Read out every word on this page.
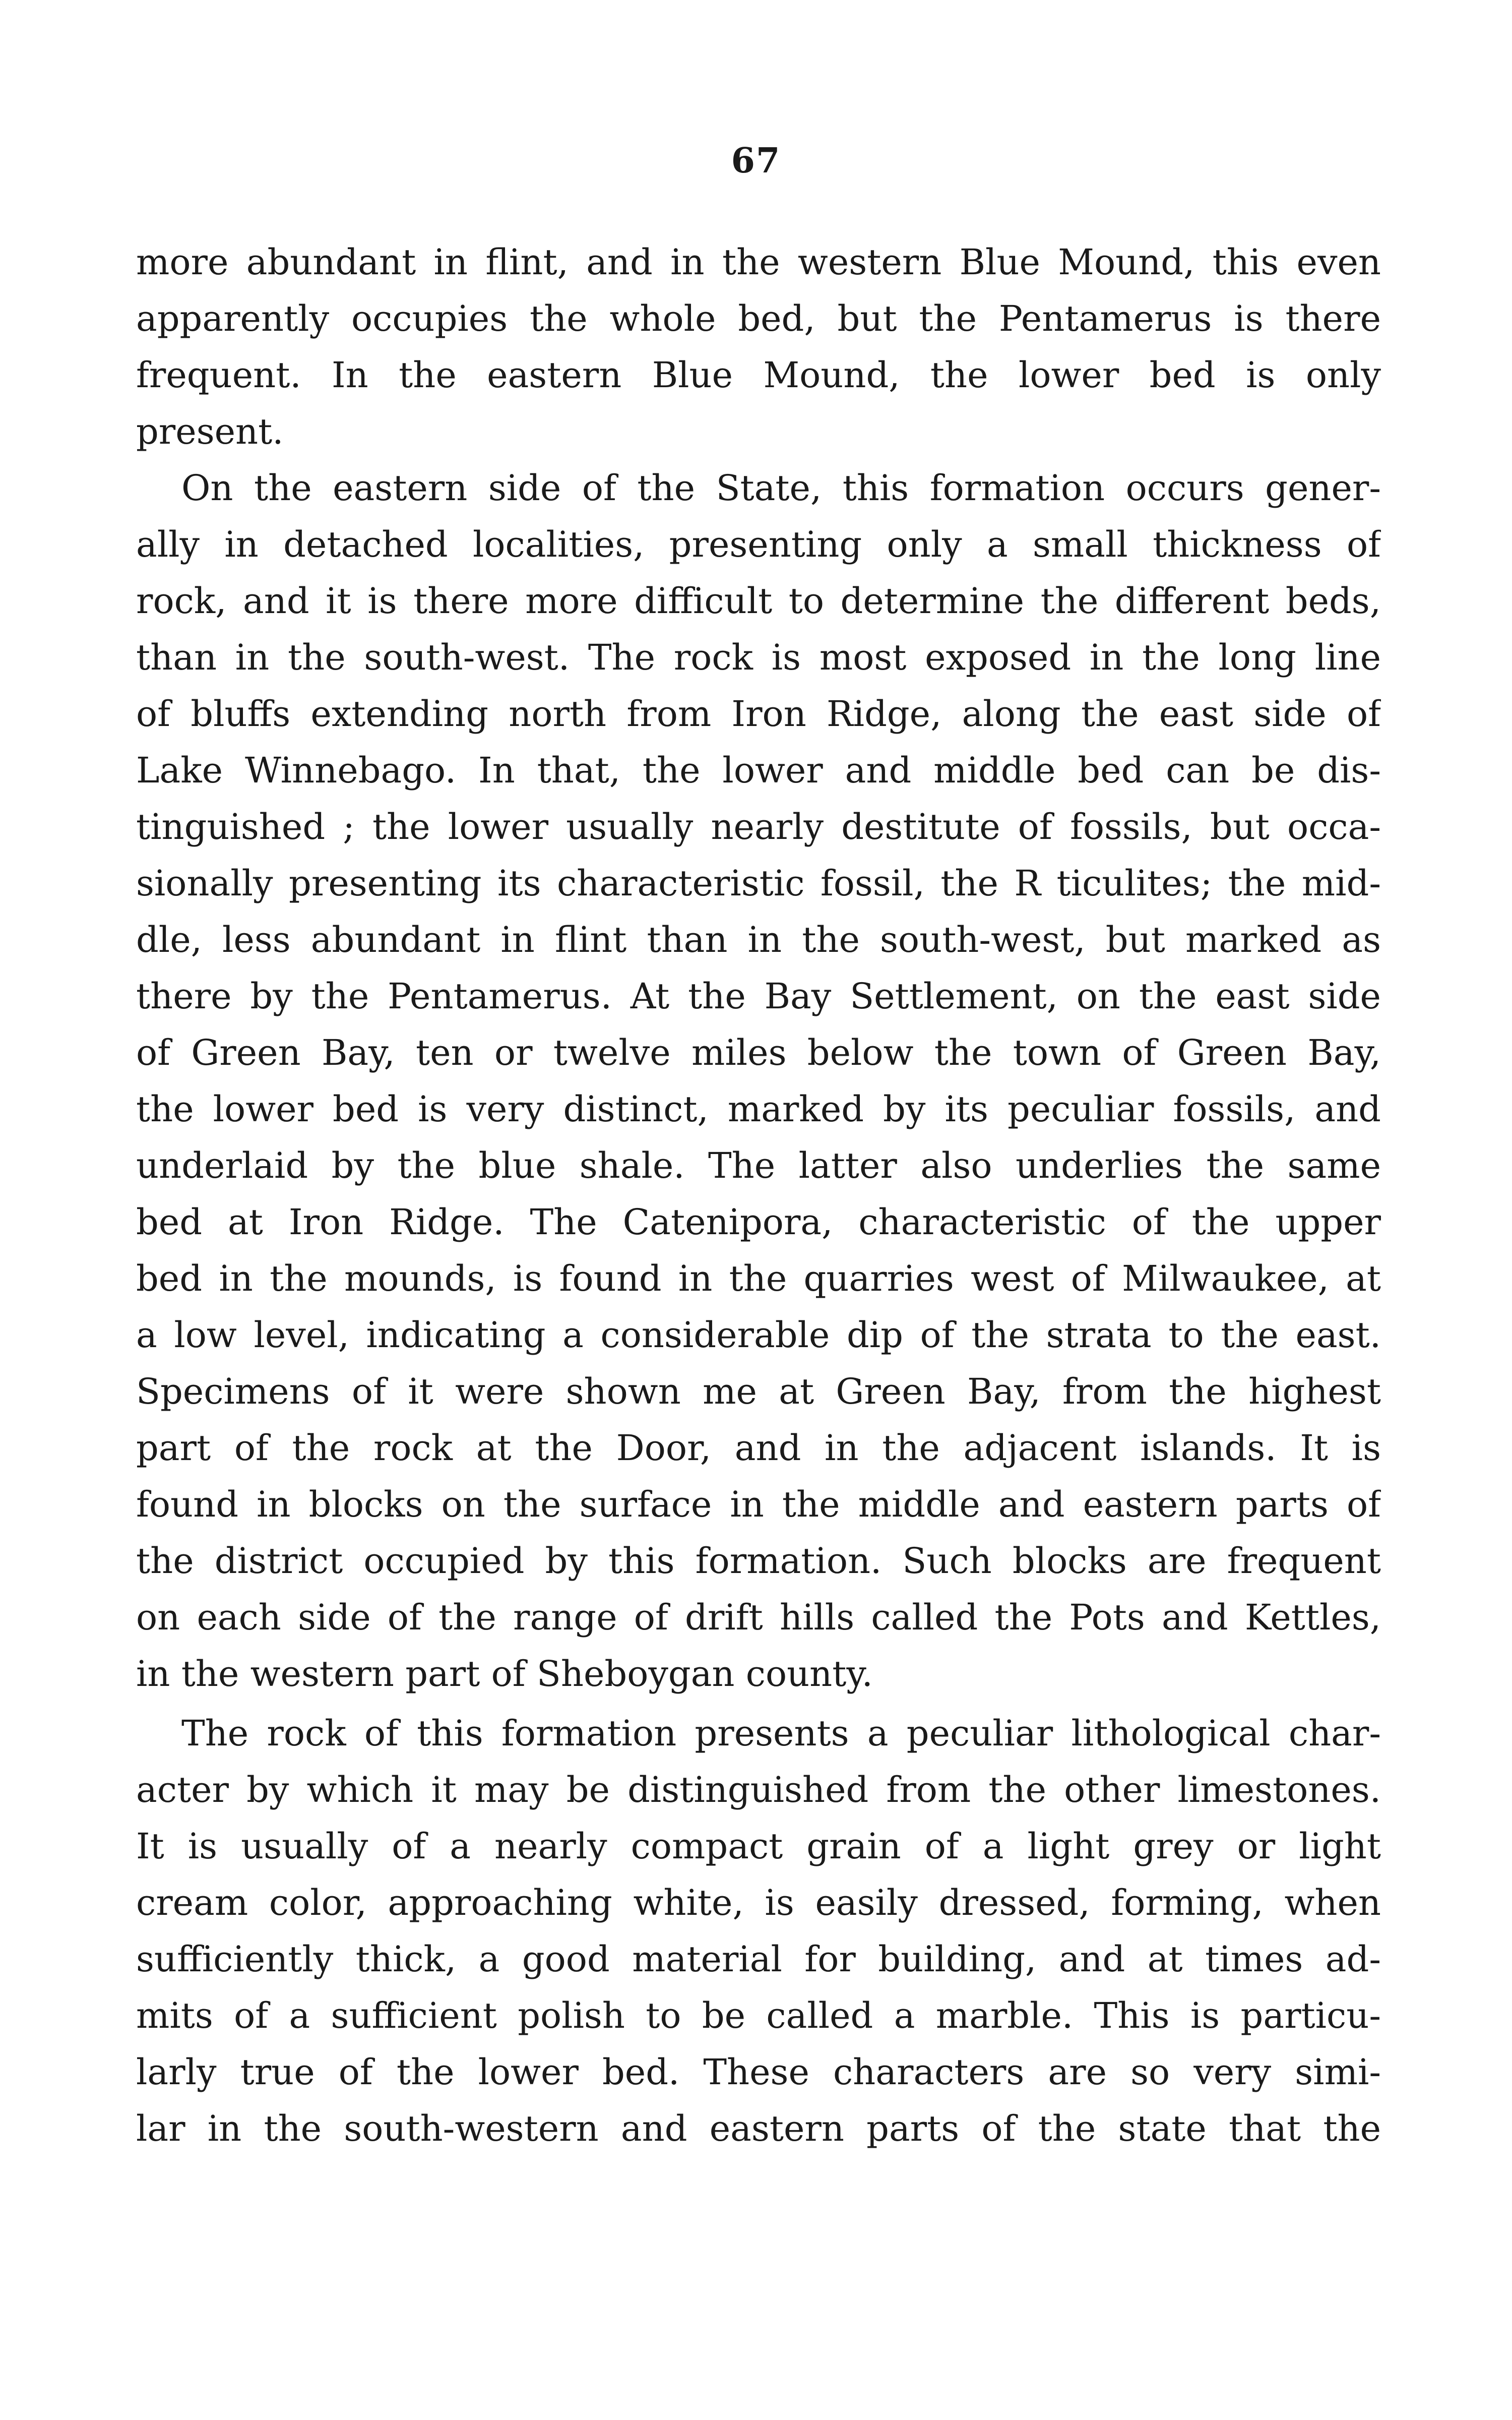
67
more abundant in flint, and in the western Blue Mound, this even
apparently occupies the whole bed, but the Pentamerus is there
frequent. In the eastern Blue Mound, the lower bed is only
present.
On the eastern side of the State, this formation occurs gener-
ally in detached localities, presenting only a small thickness of
rock, and it is there more difficult to determine the different beds,
than in the south-west. The rock is most exposed in the long line
of bluffs extending north from Iron Ridge, along the east side of
Lake Winnebago. In that, the lower and middle bed can be dis-
tinguished ; the lower usually nearly destitute of fossils, but occa-
sionally presenting its characteristic fossil, the R ticulites; the mid-
dle, less abundant in flint than in the south-west, but marked as
there by the Pentamerus. At the Bay Settlement, on the east side
of Green Bay, ten or twelve miles below the town of Green Bay,
the lower bed is very distinct, marked by its peculiar fossils, and
underlaid by the blue shale. The latter also underlies the same
bed at Iron Ridge. The Catenipora, characteristic of the upper
bed in the mounds, is found in the quarries west of Milwaukee, at
a low level, indicating a considerable dip of the strata to the east.
Specimens of it were shown me at Green Bay, from the highest
part of the rock at the Door, and in the adjacent islands. It is
found in blocks on the surface in the middle and eastern parts of
the district occupied by this formation. Such blocks are frequent
on each side of the range of drift hills called the Pots and Kettles,
in the western part of Sheboygan county.
The rock of this formation presents a peculiar lithological char-
acter by which it may be distinguished from the other limestones.
It is usually of a nearly compact grain of a light grey or light
cream color, approaching white, is easily dressed, forming, when
sufficiently thick, a good material for building, and at times ad-
mits of a sufficient polish to be called a marble. This is particu-
larly true of the lower bed. These characters are so very simi-
lar in the south-western and eastern parts of the state that the
